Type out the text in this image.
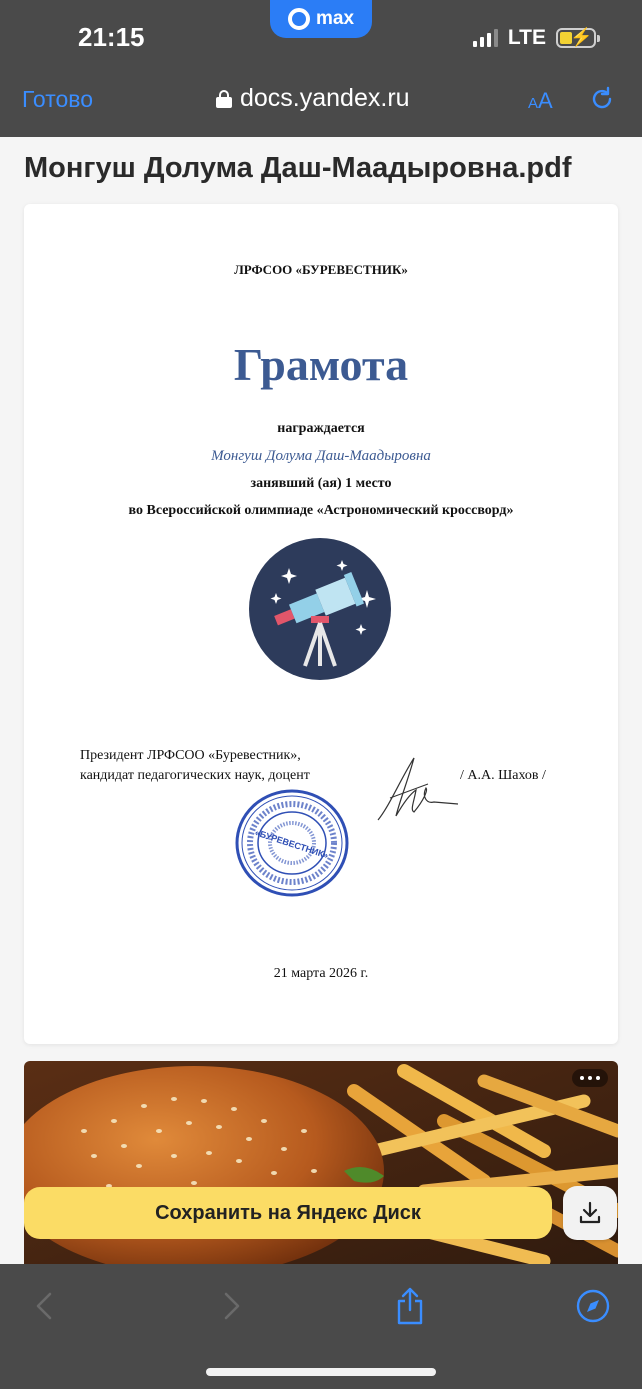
21:15
max
LTE ⚡
Готово	docs.yandex.ru	AA
Монгуш Долума Даш-Маадыровна.pdf
ЛРФСОО «БУРЕВЕСТНИК»
Грамота
награждается
Монгуш Долума Даш-Маадыровна
занявший (ая) 1 место
во Всероссийской олимпиаде «Астрономический кроссворд»
Президент ЛРФСОО «Буревестник»,
кандидат педагогических наук, доцент	/ А.А. Шахов /
«БУРЕВЕСТНИК»
21 марта 2026 г.
Сохранить на Яндекс Диск
